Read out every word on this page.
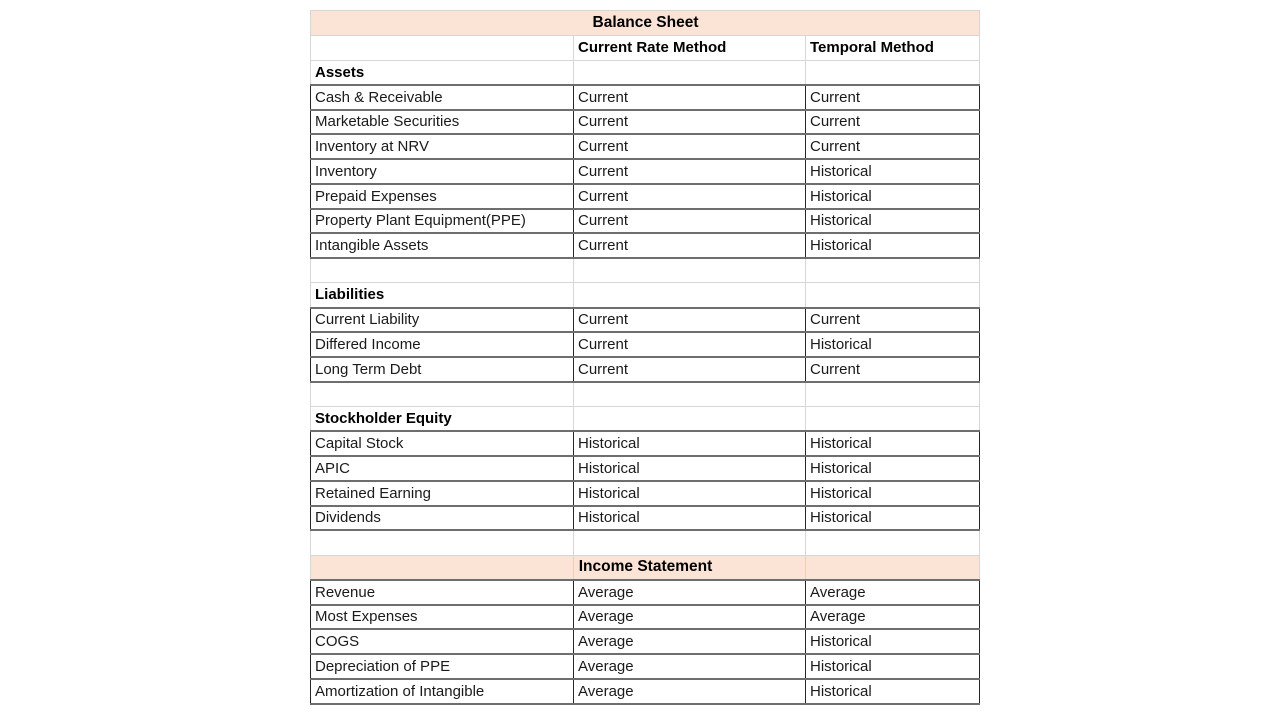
Balance Sheet		
	Current Rate Method	Temporal Method
Assets		
Cash & Receivable	Current	Current
Marketable Securities	Current	Current
Inventory at NRV	Current	Current
Inventory	Current	Historical
Prepaid Expenses	Current	Historical
Property Plant Equipment(PPE)	Current	Historical
Intangible Assets	Current	Historical

Liabilities		
Current Liability	Current	Current
Differed Income	Current	Historical
Long Term Debt	Current	Current

Stockholder Equity		
Capital Stock	Historical	Historical
APIC	Historical	Historical
Retained Earning	Historical	Historical
Dividends	Historical	Historical

Income Statement		
Revenue	Average	Average
Most Expenses	Average	Average
COGS	Average	Historical
Depreciation of PPE	Average	Historical
Amortization of Intangible	Average	Historical
